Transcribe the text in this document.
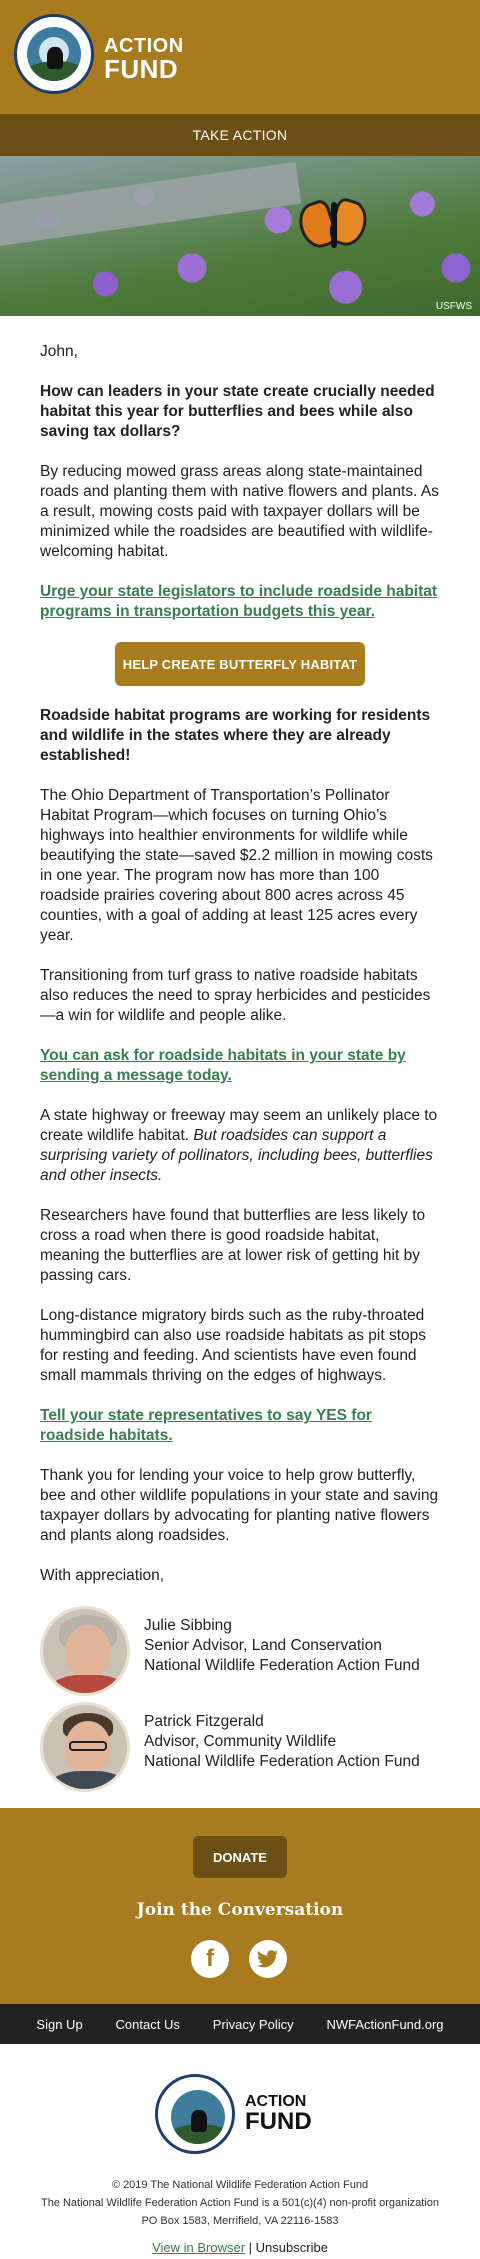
ACTION
FUND
TAKE ACTION
USFWS

John,

How can leaders in your state create crucially needed habitat this year for butterflies and bees while also saving tax dollars?

By reducing mowed grass areas along state-maintained roads and planting them with native flowers and plants. As a result, mowing costs paid with taxpayer dollars will be minimized while the roadsides are beautified with wildlife-welcoming habitat.

Urge your state legislators to include roadside habitat programs in transportation budgets this year.
HELP CREATE BUTTERFLY HABITAT

Roadside habitat programs are working for residents and wildlife in the states where they are already established!

The Ohio Department of Transportation’s Pollinator Habitat Program—which focuses on turning Ohio’s highways into healthier environments for wildlife while beautifying the state—saved $2.2 million in mowing costs in one year. The program now has more than 100 roadside prairies covering about 800 acres across 45 counties, with a goal of adding at least 125 acres every year.

Transitioning from turf grass to native roadside habitats also reduces the need to spray herbicides and pesticides—a win for wildlife and people alike.

You can ask for roadside habitats in your state by sending a message today.

A state highway or freeway may seem an unlikely place to create wildlife habitat. But roadsides can support a surprising variety of pollinators, including bees, butterflies and other insects.

Researchers have found that butterflies are less likely to cross a road when there is good roadside habitat, meaning the butterflies are at lower risk of getting hit by passing cars.

Long-distance migratory birds such as the ruby-throated hummingbird can also use roadside habitats as pit stops for resting and feeding. And scientists have even found small mammals thriving on the edges of highways.

Tell your state representatives to say YES for roadside habitats.

Thank you for lending your voice to help grow butterfly, bee and other wildlife populations in your state and saving taxpayer dollars by advocating for planting native flowers and plants along roadsides.

With appreciation,

Julie Sibbing
Senior Advisor, Land Conservation
National Wildlife Federation Action Fund
Patrick Fitzgerald
Advisor, Community Wildlife
National Wildlife Federation Action Fund
DONATE
Join the Conversation
f
Sign Up	Contact Us	Privacy Policy	NWFActionFund.org
ACTION
FUND
© 2019 The National Wildlife Federation Action Fund
The National Wildlife Federation Action Fund is a 501(c)(4) non-profit organization
PO Box 1583, Merrifield, VA 22116-1583
View in Browser | Unsubscribe
